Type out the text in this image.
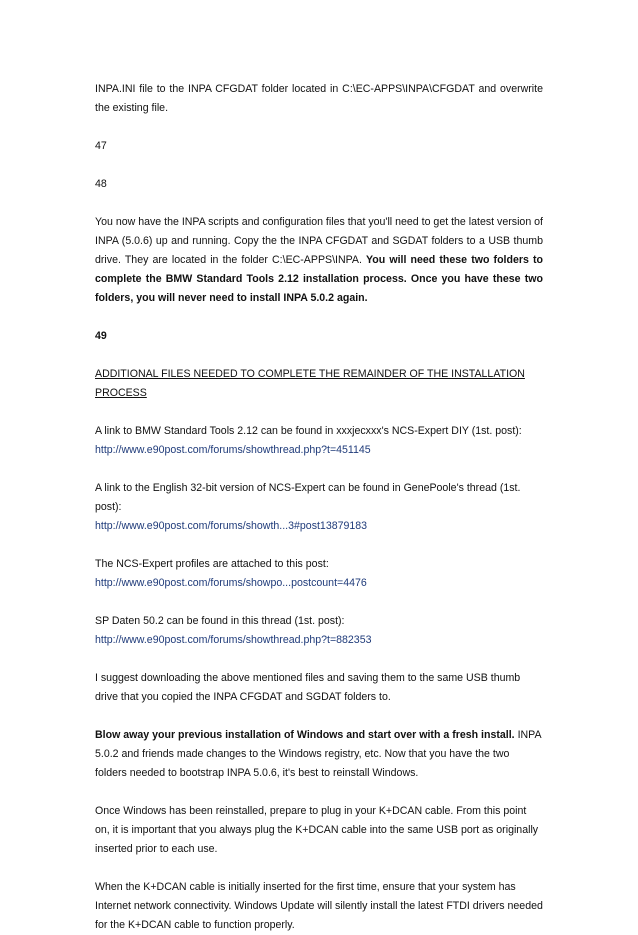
INPA.INI file to the INPA CFGDAT folder located in C:\EC-APPS\INPA\CFGDAT and overwrite the existing file.

47

48

You now have the INPA scripts and configuration files that you'll need to get the latest version of INPA (5.0.6) up and running. Copy the the INPA CFGDAT and SGDAT folders to a USB thumb drive. They are located in the folder C:\EC-APPS\INPA. You will need these two folders to complete the BMW Standard Tools 2.12 installation process. Once you have these two folders, you will never need to install INPA 5.0.2 again.

49

ADDITIONAL FILES NEEDED TO COMPLETE THE REMAINDER OF THE INSTALLATION PROCESS

A link to BMW Standard Tools 2.12 can be found in xxxjecxxx's NCS-Expert DIY (1st. post):

http://www.e90post.com/forums/showthread.php?t=451145

A link to the English 32-bit version of NCS-Expert can be found in GenePoole's thread (1st. post):

http://www.e90post.com/forums/showth...3#post13879183

The NCS-Expert profiles are attached to this post:

http://www.e90post.com/forums/showpo...postcount=4476

SP Daten 50.2 can be found in this thread (1st. post):

http://www.e90post.com/forums/showthread.php?t=882353

I suggest downloading the above mentioned files and saving them to the same USB thumb drive that you copied the INPA CFGDAT and SGDAT folders to.

Blow away your previous installation of Windows and start over with a fresh install. INPA 5.0.2 and friends made changes to the Windows registry, etc. Now that you have the two folders needed to bootstrap INPA 5.0.6, it's best to reinstall Windows.

Once Windows has been reinstalled, prepare to plug in your K+DCAN cable. From this point on, it is important that you always plug the K+DCAN cable into the same USB port as originally inserted prior to each use.

When the K+DCAN cable is initially inserted for the first time, ensure that your system has Internet network connectivity. Windows Update will silently install the latest FTDI drivers needed for the K+DCAN cable to function properly.
